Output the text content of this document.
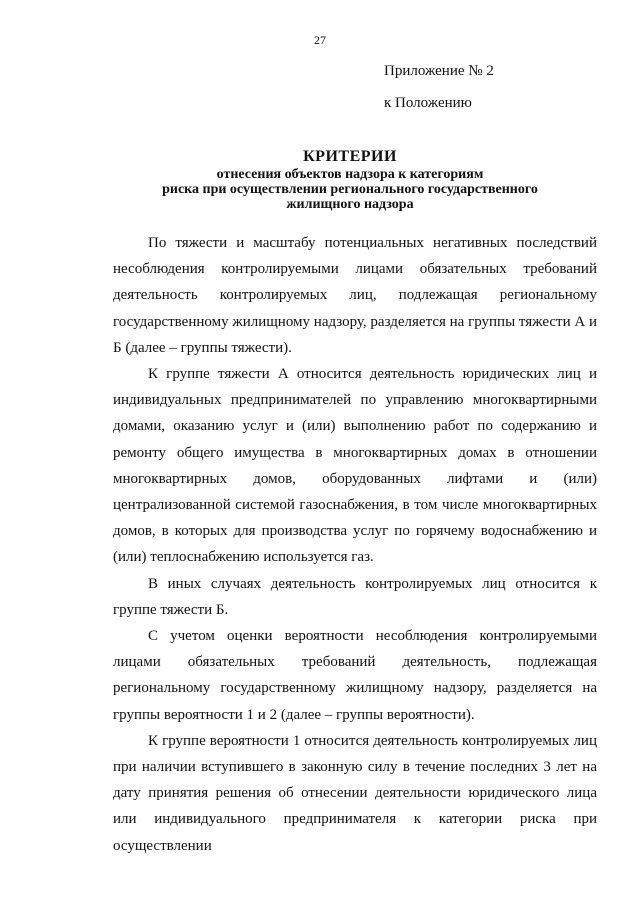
27
Приложение № 2
к Положению
КРИТЕРИИ
отнесения объектов надзора к категориям
риска при осуществлении регионального государственного
жилищного надзора

По тяжести и масштабу потенциальных негативных последствий несоблюдения контролируемыми лицами обязательных требований деятельность контролируемых лиц, подлежащая региональному государственному жилищному надзору, разделяется на группы тяжести А и Б (далее – группы тяжести).

К группе тяжести А относится деятельность юридических лиц и индивидуальных предпринимателей по управлению многоквартирными домами, оказанию услуг и (или) выполнению работ по содержанию и ремонту общего имущества в многоквартирных домах в отношении многоквартирных домов, оборудованных лифтами и (или) централизованной системой газоснабжения, в том числе многоквартирных домов, в которых для производства услуг по горячему водоснабжению и (или) теплоснабжению используется газ.

В иных случаях деятельность контролируемых лиц относится к группе тяжести Б.

С учетом оценки вероятности несоблюдения контролируемыми лицами обязательных требований деятельность, подлежащая региональному государственному жилищному надзору, разделяется на группы вероятности 1 и 2 (далее – группы вероятности).

К группе вероятности 1 относится деятельность контролируемых лиц при наличии вступившего в законную силу в течение последних 3 лет на дату принятия решения об отнесении деятельности юридического лица или индивидуального предпринимателя к категории риска при осуществлении
